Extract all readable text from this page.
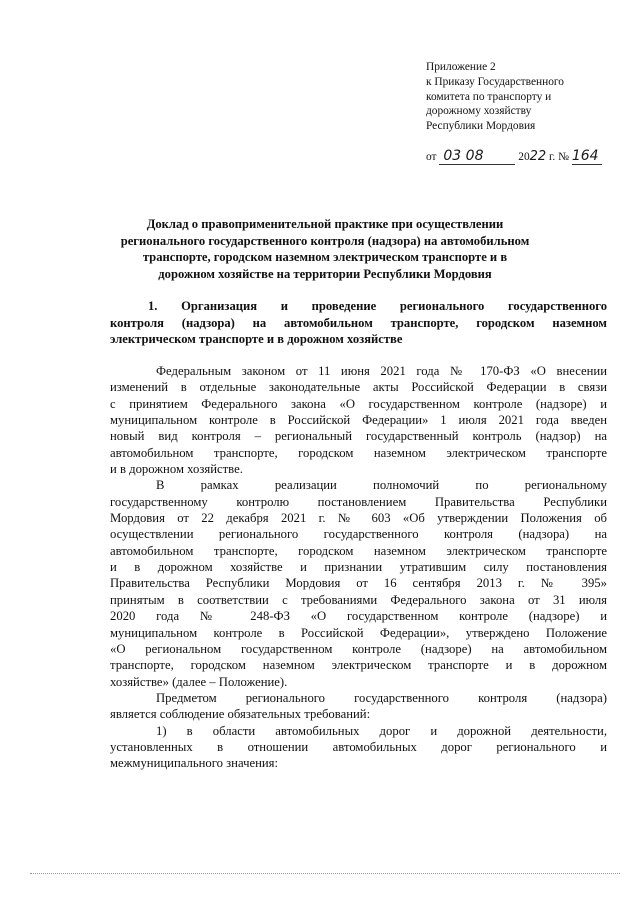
Приложение 2
к Приказу Государственного
комитета по транспорту и
дорожному хозяйству
Республики Мордовия
от 03 08	2022 г. № 164
Доклад о правоприменительной практике при осуществлении
регионального государственного контроля (надзора) на автомобильном
транспорте, городском наземном электрическом транспорте и в
дорожном хозяйстве на территории Республики Мордовия
1. Организация и проведение регионального государственного
контроля (надзора) на автомобильном транспорте, городском наземном
электрическом транспорте и в дорожном хозяйстве
Федеральным законом от 11 июня 2021 года № 170-ФЗ «О внесении
изменений в отдельные законодательные акты Российской Федерации в связи
с принятием Федерального закона «О государственном контроле (надзоре) и
муниципальном контроле в Российской Федерации» 1 июля 2021 года введен
новый вид контроля – региональный государственный контроль (надзор) на
автомобильном транспорте, городском наземном электрическом транспорте
и в дорожном хозяйстве.
В рамках реализации полномочий по региональному
государственному контролю постановлением Правительства Республики
Мордовия от 22 декабря 2021 г. № 603 «Об утверждении Положения об
осуществлении регионального государственного контроля (надзора) на
автомобильном транспорте, городском наземном электрическом транспорте
и в дорожном хозяйстве и признании утратившим силу постановления
Правительства Республики Мордовия от 16 сентября 2013 г. № 395»
принятым в соответствии с требованиями Федерального закона от 31 июля
2020 года № 248-ФЗ «О государственном контроле (надзоре) и
муниципальном контроле в Российской Федерации», утверждено Положение
«О региональном государственном контроле (надзоре) на автомобильном
транспорте, городском наземном электрическом транспорте и в дорожном
хозяйстве» (далее – Положение).
Предметом регионального государственного контроля (надзора)
является соблюдение обязательных требований:
1) в области автомобильных дорог и дорожной деятельности,
установленных в отношении автомобильных дорог регионального и
межмуниципального значения:
